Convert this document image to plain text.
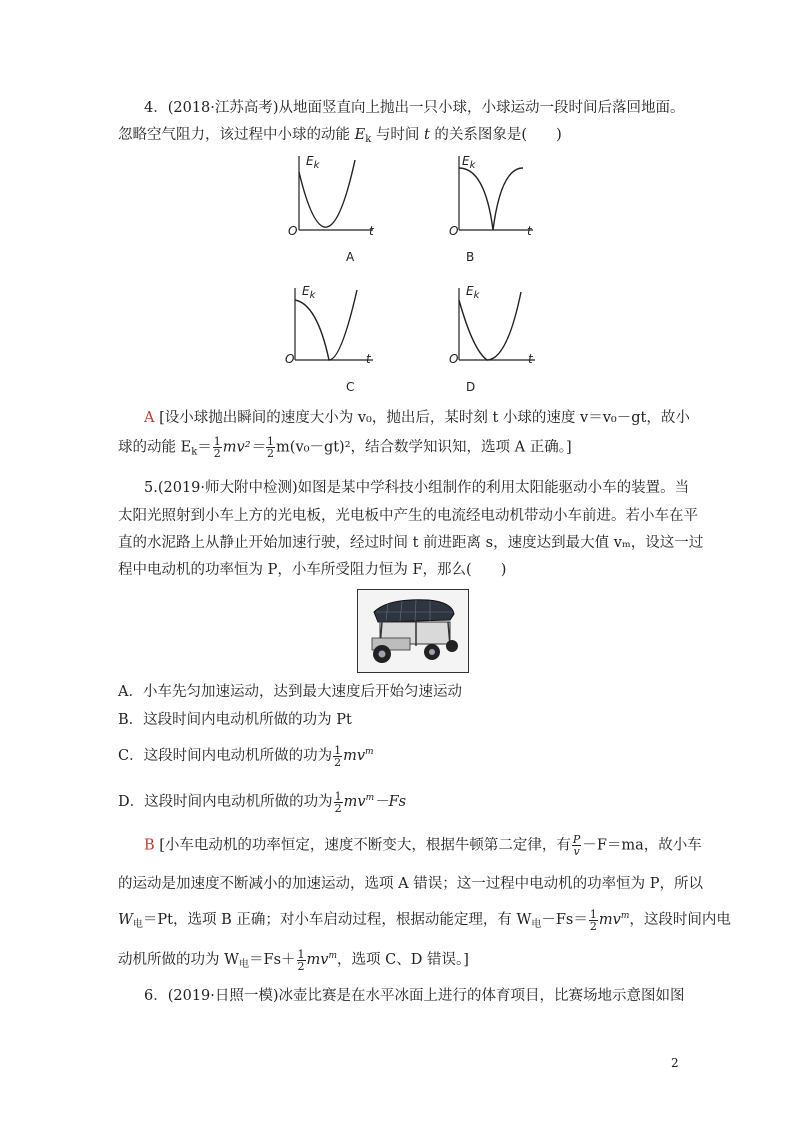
4．(2018·江苏高考)从地面竖直向上抛出一只小球，小球运动一段时间后落回地面。
忽略空气阻力，该过程中小球的动能 $E_k$ 与时间 t 的关系图象是(　　)
$E_k$
O	t
A
$E_k$
O	t
B
$E_k$
O	t
C
$E_k$
O	t
D
A [设小球抛出瞬间的速度大小为 v₀，抛出后，某时刻 t 小球的速度 v＝v₀－gt，故小
球的动能 $E_k= \frac{1}{2} mv^2= \frac{1}{2} m(v_0-gt)^2$，结合数学知识知，选项 A 正确。]
5.(2019·师大附中检测)如图是某中学科技小组制作的利用太阳能驱动小车的装置。当
太阳光照射到小车上方的光电板，光电板中产生的电流经电动机带动小车前进。若小车在平
直的水泥路上从静止开始加速行驶，经过时间 t 前进距离 s，速度达到最大值 vₘ，设这一过
程中电动机的功率恒为 P，小车所受阻力恒为 F，那么(　　)
A．小车先匀加速运动，达到最大速度后开始匀速运动
B．这段时间内电动机所做的功为 Pt
C．这段时间内电动机所做的功为 $\frac{1}{2} mv^m$
D．这段时间内电动机所做的功为 $\frac{1}{2} mv^m-Fs$
B [小车电动机的功率恒定，速度不断变大，根据牛顿第二定律，有 $\frac{P}{v} -F=ma$，故小车
的运动是加速度不断减小的加速运动，选项 A 错误；这一过程中电动机的功率恒为 P，所以
$W_电=Pt$，选项 B 正确；对小车启动过程，根据动能定理，有 $W_电-Fs= \frac{1}{2} mv^m$，这段时间内电
动机所做的功为 $W_电=Fs+ \frac{1}{2} mv^m$，选项 C、D 错误。]
6．(2019·日照一模)冰壶比赛是在水平冰面上进行的体育项目，比赛场地示意图如图
2
